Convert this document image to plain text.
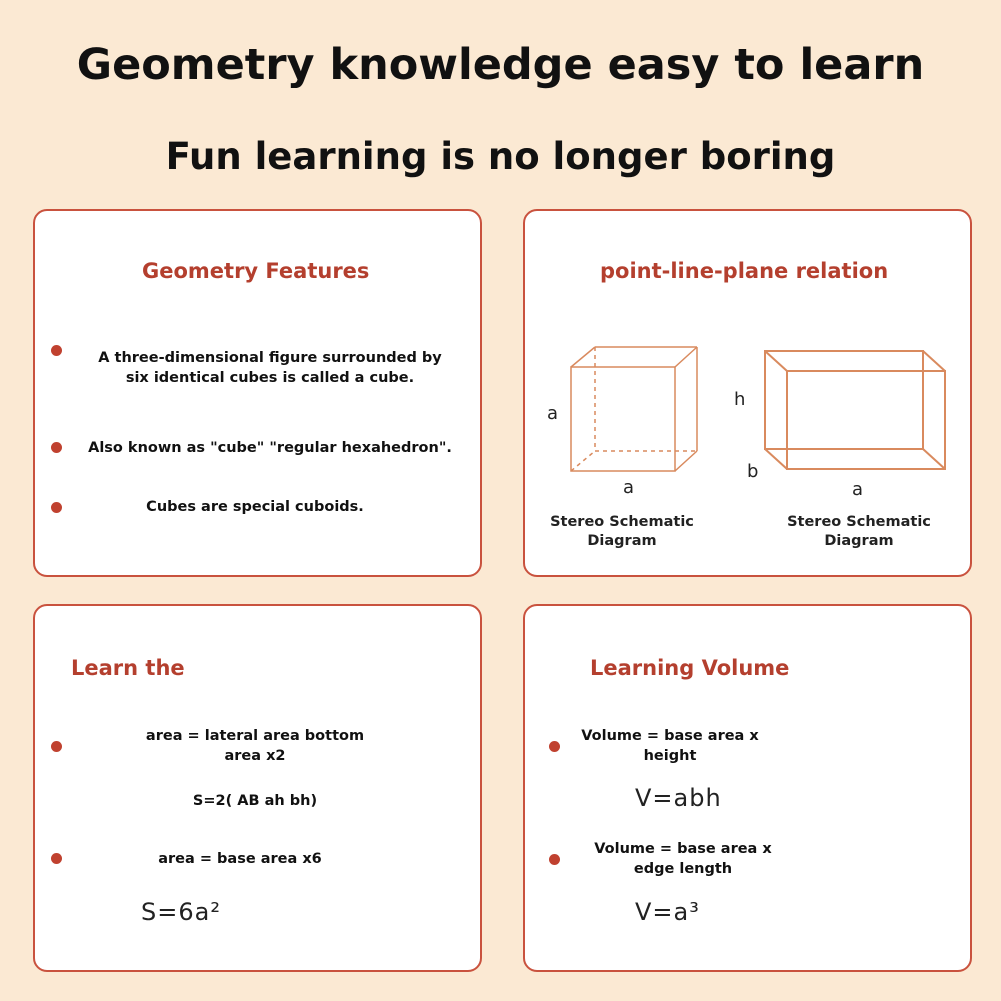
Geometry knowledge easy to learn
Fun learning is no longer boring
Geometry Features

A three-dimensional figure surrounded by
six identical cubes is called a cube.

Also known as "cube" "regular hexahedron".

Cubes are special cuboids.

point-line-plane relation
a
a

Stereo Schematic
Diagram

h
b
a

Stereo Schematic
Diagram

Learn the

area = lateral area bottom
area x2

S=2( AB ah bh)

area = base area x6

S=6a²

Learning Volume

Volume = base area x
height

V=abh

Volume = base area x
edge length

V=a³
